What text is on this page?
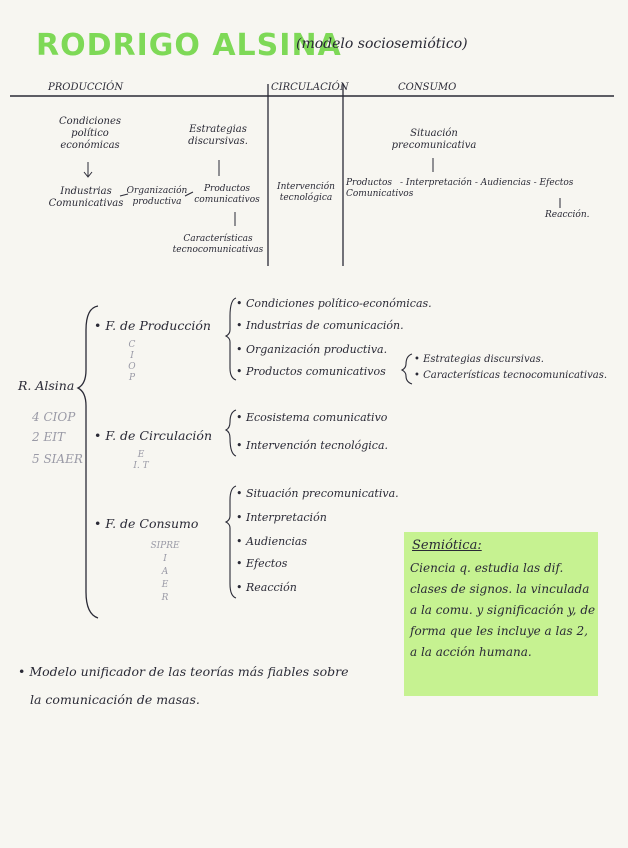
RODRIGO ALSINA
(modelo sociosemiótico)
PRODUCCIÓN	CIRCULACIÓN	CONSUMO
Condiciones
político
económicas
Estrategias
discursivas.
Industrias
Comunicativas
Organización
productiva
Productos
comunicativos
Características
tecnocomunicativas
Intervención
tecnológica
Situación
precomunicativa
Productos
Comunicativos
- Interpretación - Audiencias - Efectos
Reacción.
R. Alsina
4 CIOP
2 EIT
5 SIAER
• F. de Producción
C
I
O
P
• Condiciones político-económicas.
• Industrias de comunicación.
• Organización productiva.
• Productos comunicativos
• Estrategias discursivas.
• Características tecnocomunicativas.
• F. de Circulación
E
I. T
• Ecosistema comunicativo
• Intervención tecnológica.
• F. de Consumo
SIPRE
I
A
E
R
• Situación precomunicativa.
• Interpretación
• Audiencias
• Efectos
• Reacción
Semiótica:
Ciencia q. estudia las dif. clases de signos. la vinculada a la comu. y significación y, de forma que les incluye a las 2, a la acción humana.
• Modelo unificador de las teorías más fiables sobre
la comunicación de masas.
